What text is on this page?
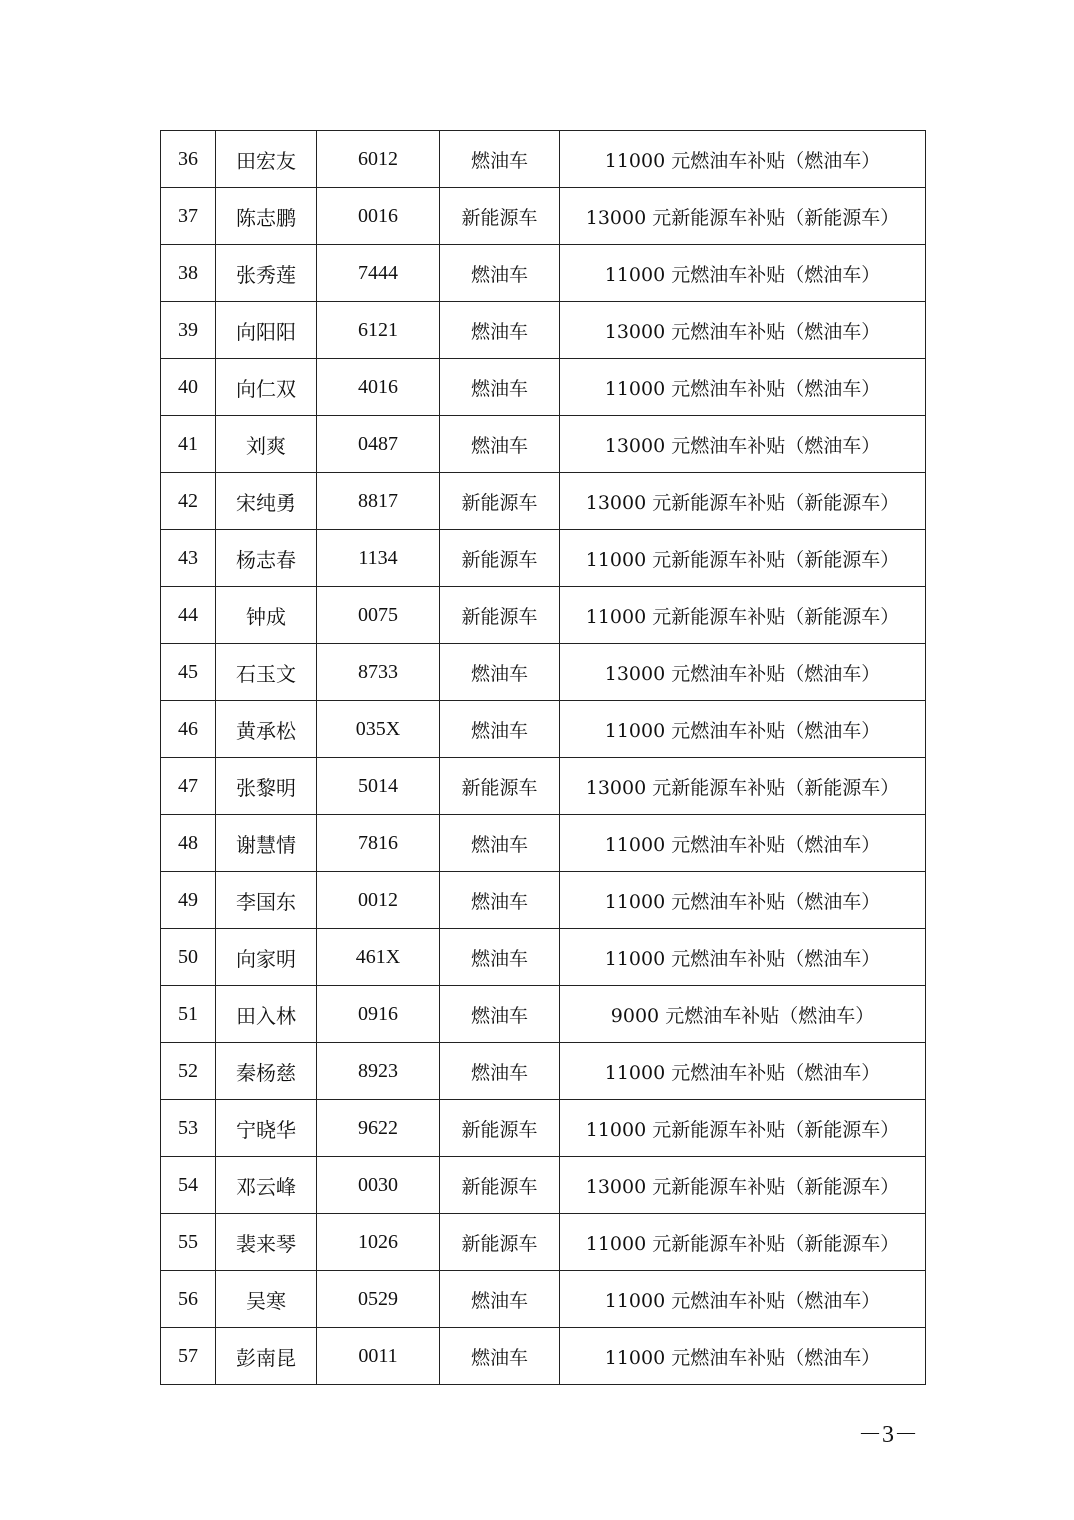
36	田宏友	6012	燃油车	11000 元燃油车补贴（燃油车）
37	陈志鹏	0016	新能源车	13000 元新能源车补贴（新能源车）
38	张秀莲	7444	燃油车	11000 元燃油车补贴（燃油车）
39	向阳阳	6121	燃油车	13000 元燃油车补贴（燃油车）
40	向仁双	4016	燃油车	11000 元燃油车补贴（燃油车）
41	刘爽	0487	燃油车	13000 元燃油车补贴（燃油车）
42	宋纯勇	8817	新能源车	13000 元新能源车补贴（新能源车）
43	杨志春	1134	新能源车	11000 元新能源车补贴（新能源车）
44	钟成	0075	新能源车	11000 元新能源车补贴（新能源车）
45	石玉文	8733	燃油车	13000 元燃油车补贴（燃油车）
46	黄承松	035X	燃油车	11000 元燃油车补贴（燃油车）
47	张黎明	5014	新能源车	13000 元新能源车补贴（新能源车）
48	谢慧情	7816	燃油车	11000 元燃油车补贴（燃油车）
49	李国东	0012	燃油车	11000 元燃油车补贴（燃油车）
50	向家明	461X	燃油车	11000 元燃油车补贴（燃油车）
51	田入林	0916	燃油车	9000 元燃油车补贴（燃油车）
52	秦杨慈	8923	燃油车	11000 元燃油车补贴（燃油车）
53	宁晓华	9622	新能源车	11000 元新能源车补贴（新能源车）
54	邓云峰	0030	新能源车	13000 元新能源车补贴（新能源车）
55	裴来琴	1026	新能源车	11000 元新能源车补贴（新能源车）
56	吴寒	0529	燃油车	11000 元燃油车补贴（燃油车）
57	彭南昆	0011	燃油车	11000 元燃油车补贴（燃油车）
－3－
